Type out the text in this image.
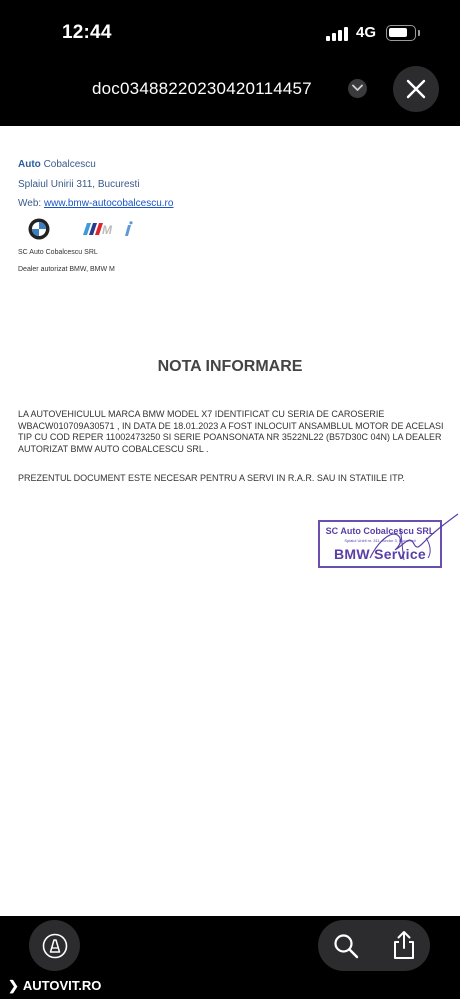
12:44	4G
doc03488220230420114457
Auto Cobalcescu
Splaiul Unirii 311, Bucuresti
Web: www.bmw-autocobalcescu.ro
M
SC Auto Cobalcescu SRL
Dealer autorizat BMW, BMW M
NOTA INFORMARE
LA AUTOVEHICULUL MARCA BMW MODEL X7 IDENTIFICAT CU SERIA DE CAROSERIE WBACW010709A30571 , IN DATA DE 18.01.2023 A FOST INLOCUIT ANSAMBLUL MOTOR DE ACELASI TIP CU COD REPER 11002473250 SI SERIE POANSONATA NR 3522NL22 (B57D30C 04N) LA DEALER AUTORIZAT BMW AUTO COBALCESCU SRL .
PREZENTUL DOCUMENT ESTE NECESAR PENTRU A SERVI IN R.A.R. SAU IN STATIILE ITP.
SC Auto Cobalcescu SRL
Splaiul Unirii nr. 311, Sector 3, Bucuresti
BMW Service
❯ AUTOVIT.RO
